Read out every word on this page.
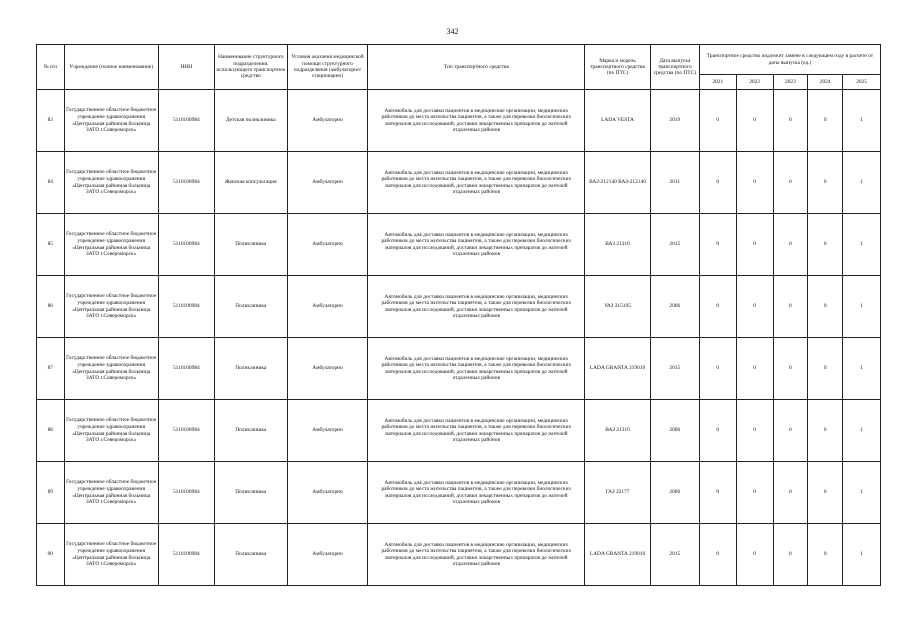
342
№ п/п	Учреждение (полное наименование)	ИНН	Наименование структурного подразделения, использующего транспортное средство	Условия оказания медицинской помощи структурного подразделения (амбулаторно/ стационарно)	Тип транспортного средства	Марка и модель транспортного средства (по ПТС)	Дата выпуска транспортного средства (по ПТС)	Транспортное средство подлежит замене в следующем году в расчете от даты выпуска (ед.)				
								2021	2022	2023	2024	2025
83	Государственное областное бюджетное учреждение здравоохранения «Центральная районная больница ЗАТО г.Североморск»	5110100984	Детская поликлиника	Амбулаторно	Автомобиль для доставки пациентов в медицинские организации, медицинских работников до места жительства пациентов, а также для перевозки биологических материалов для исследований, доставки лекарственных препаратов до жителей отдаленных районов	LADA VESTA	2019	0	0	0	0	1
84	Государственное областное бюджетное учреждение здравоохранения «Центральная районная больница ЗАТО г.Североморск»	5110100984	Женская консультация	Амбулаторно	Автомобиль для доставки пациентов в медицинские организации, медицинских работников до места жительства пациентов, а также для перевозки биологических материалов для исследований, доставки лекарственных препаратов до жителей отдаленных районов	ВАЗ-212140 ВАЗ-212140	2011	0	0	0	0	1
85	Государственное областное бюджетное учреждение здравоохранения «Центральная районная больница ЗАТО г.Североморск»	5110100984	Поликлиника	Амбулаторно	Автомобиль для доставки пациентов в медицинские организации, медицинских работников до места жительства пациентов, а также для перевозки биологических материалов для исследований, доставки лекарственных препаратов до жителей отдаленных районов	ВАЗ 21310	2015	0	0	0	0	1
86	Государственное областное бюджетное учреждение здравоохранения «Центральная районная больница ЗАТО г.Североморск»	5110100984	Поликлиника	Амбулаторно	Автомобиль для доставки пациентов в медицинские организации, медицинских работников до места жительства пациентов, а также для перевозки биологических материалов для исследований, доставки лекарственных препаратов до жителей отдаленных районов	УАЗ 315195	2006	0	0	0	0	1
87	Государственное областное бюджетное учреждение здравоохранения «Центральная районная больница ЗАТО г.Североморск»	5110100984	Поликлиника	Амбулаторно	Автомобиль для доставки пациентов в медицинские организации, медицинских работников до места жительства пациентов, а также для перевозки биологических материалов для исследований, доставки лекарственных препаратов до жителей отдаленных районов	LADA GRANTA 219010	2015	0	0	0	0	1
88	Государственное областное бюджетное учреждение здравоохранения «Центральная районная больница ЗАТО г.Североморск»	5110100984	Поликлиника	Амбулаторно	Автомобиль для доставки пациентов в медицинские организации, медицинских работников до места жительства пациентов, а также для перевозки биологических материалов для исследований, доставки лекарственных препаратов до жителей отдаленных районов	ВАЗ 21310	2006	0	0	0	0	1
89	Государственное областное бюджетное учреждение здравоохранения «Центральная районная больница ЗАТО г.Североморск»	5110100984	Поликлиника	Амбулаторно	Автомобиль для доставки пациентов в медицинские организации, медицинских работников до места жительства пациентов, а также для перевозки биологических материалов для исследований, доставки лекарственных препаратов до жителей отдаленных районов	ГАЗ 22177	2006	0	0	0	0	1
90	Государственное областное бюджетное учреждение здравоохранения «Центральная районная больница ЗАТО г.Североморск»	5110100984	Поликлиника	Амбулаторно	Автомобиль для доставки пациентов в медицинские организации, медицинских работников до места жительства пациентов, а также для перевозки биологических материалов для исследований, доставки лекарственных препаратов до жителей отдаленных районов	LADA GRANTA 219010	2015	0	0	0	0	1
